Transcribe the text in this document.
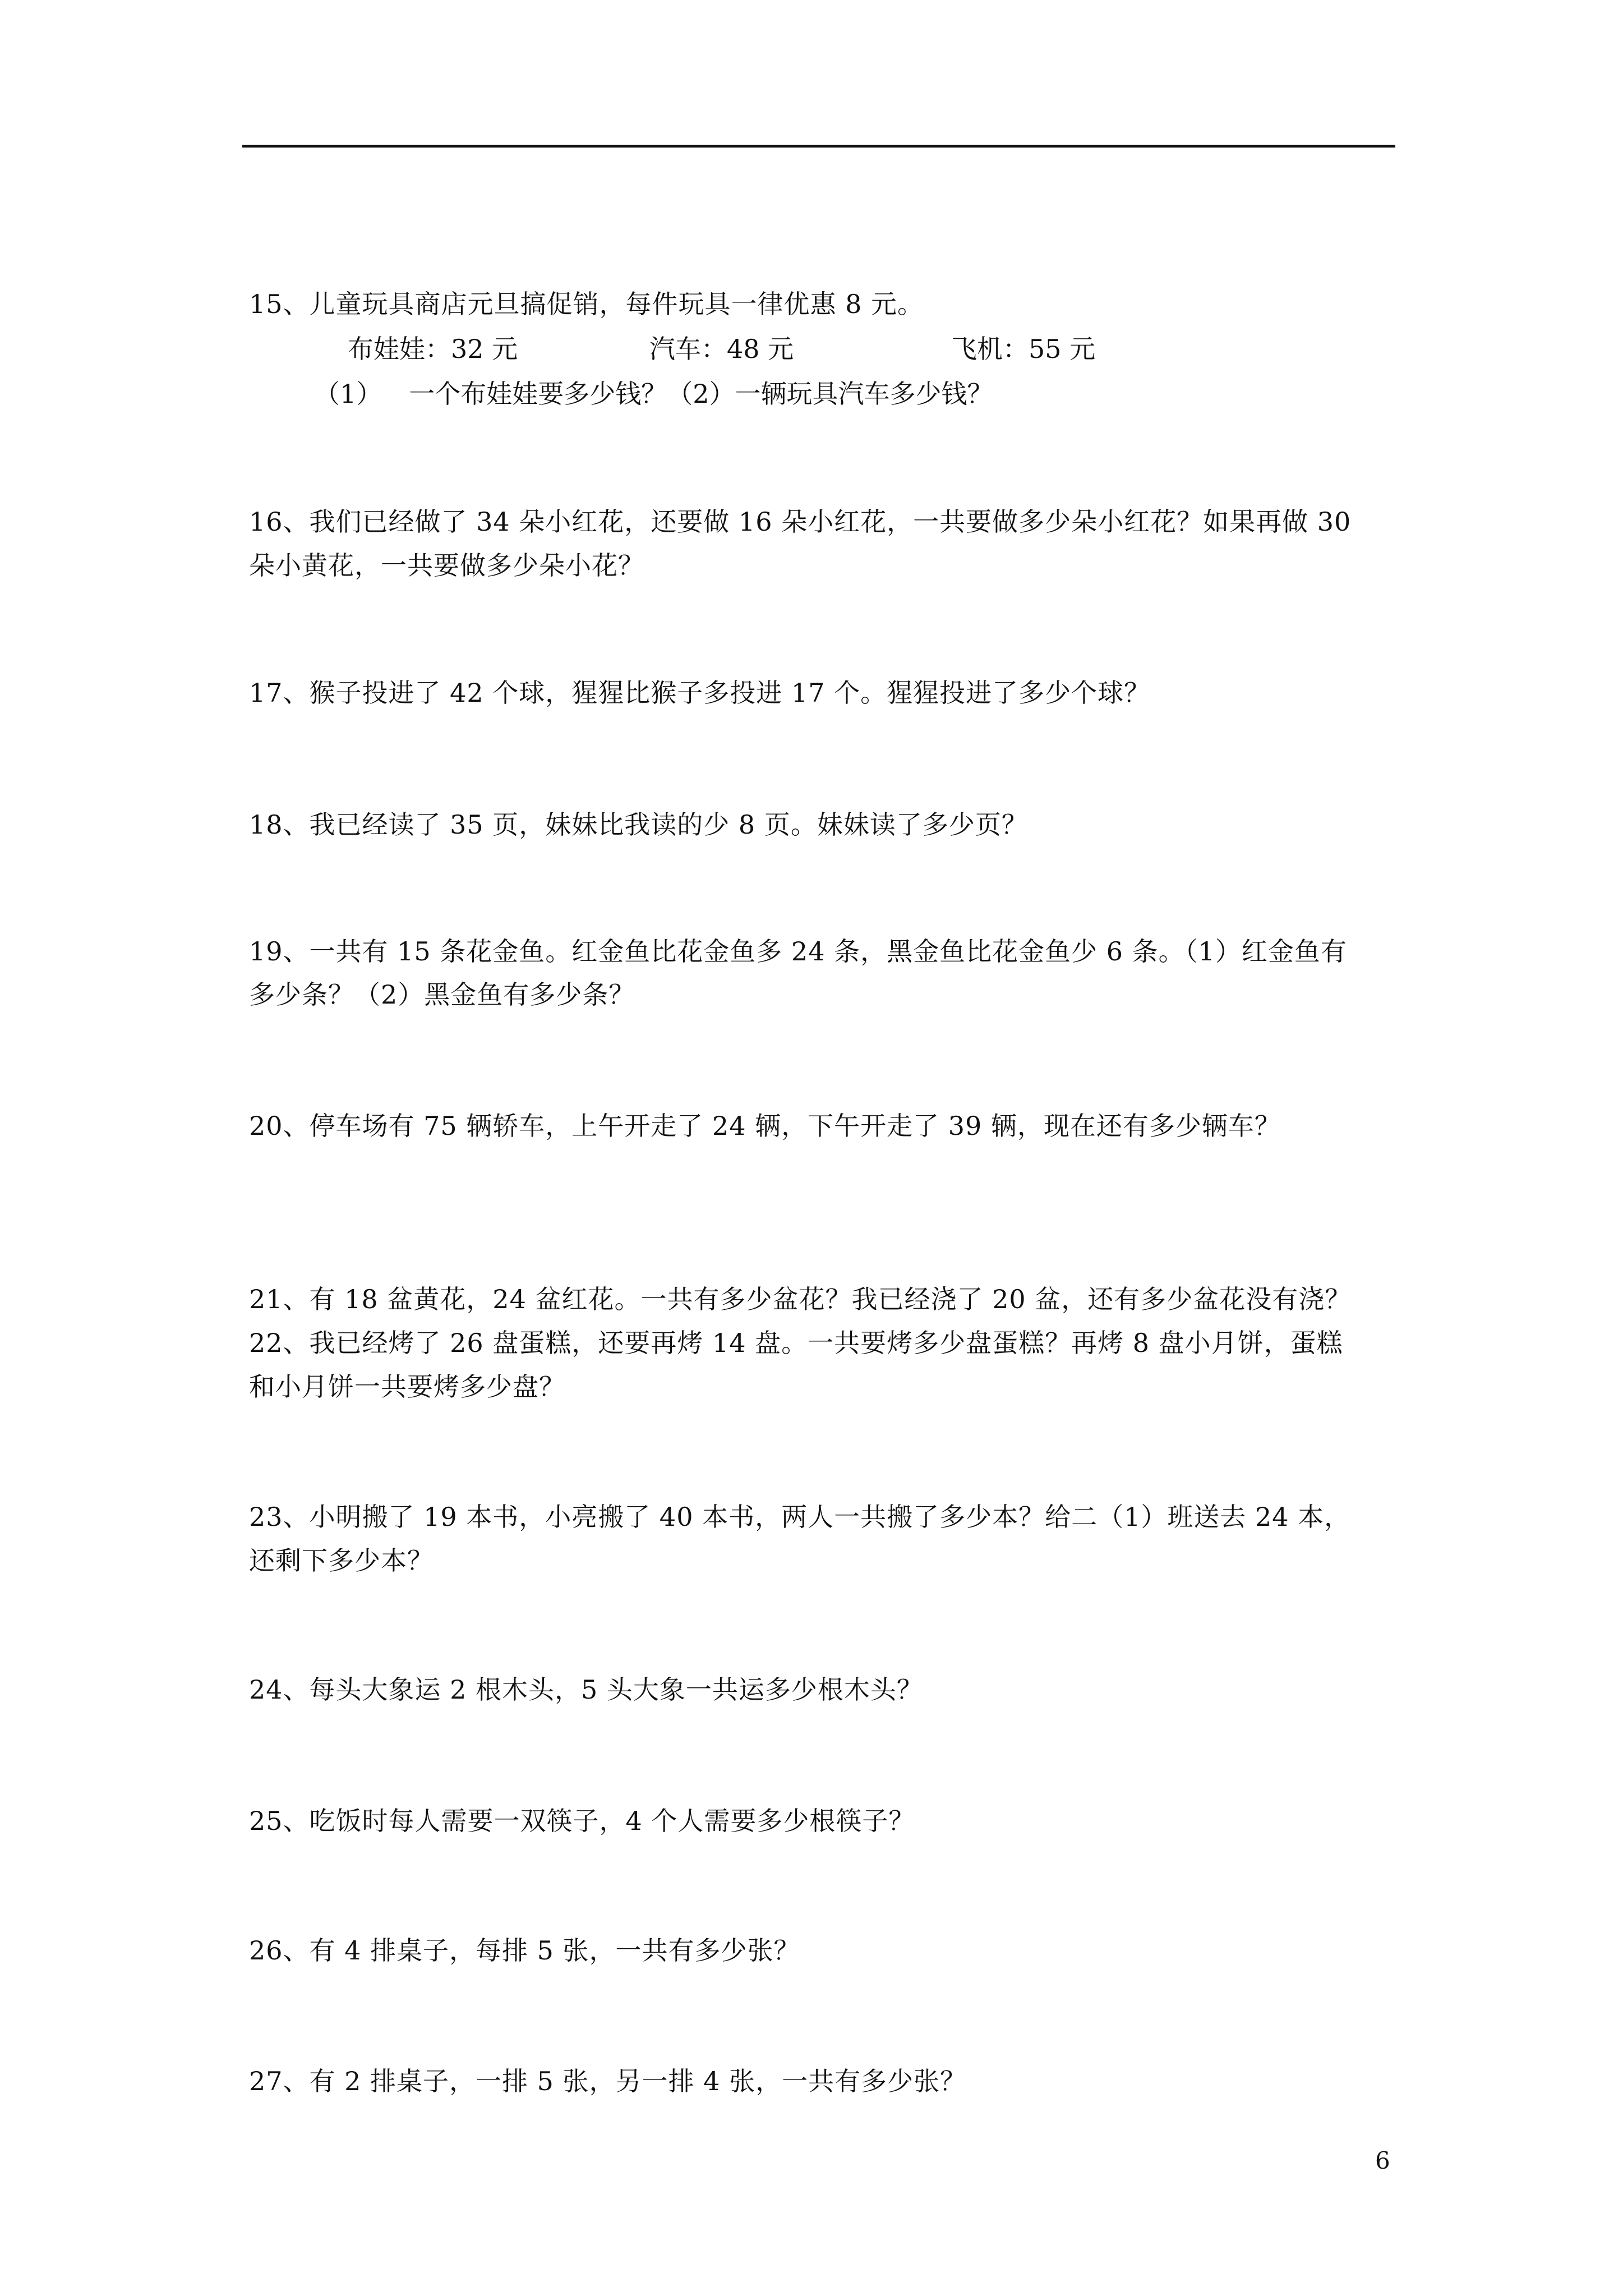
15、儿童玩具商店元旦搞促销，每件玩具一律优惠 8 元。
布娃娃：32 元	汽车：48 元	飞机：55 元
（1） 一个布娃娃要多少钱？（2）一辆玩具汽车多少钱？
16、我们已经做了 34 朵小红花，还要做 16 朵小红花，一共要做多少朵小红花？如果再做 30
朵小黄花，一共要做多少朵小花？
17、猴子投进了 42 个球，猩猩比猴子多投进 17 个。猩猩投进了多少个球？
18、我已经读了 35 页，妹妹比我读的少 8 页。妹妹读了多少页？
19、一共有 15 条花金鱼。红金鱼比花金鱼多 24 条，黑金鱼比花金鱼少 6 条。（1）红金鱼有
多少条？（2）黑金鱼有多少条？
20、停车场有 75 辆轿车，上午开走了 24 辆，下午开走了 39 辆，现在还有多少辆车？
21、有 18 盆黄花，24 盆红花。一共有多少盆花？我已经浇了 20 盆，还有多少盆花没有浇？
22、我已经烤了 26 盘蛋糕，还要再烤 14 盘。一共要烤多少盘蛋糕？再烤 8 盘小月饼，蛋糕
和小月饼一共要烤多少盘？
23、小明搬了 19 本书，小亮搬了 40 本书，两人一共搬了多少本？给二（1）班送去 24 本，
还剩下多少本？
24、每头大象运 2 根木头，5 头大象一共运多少根木头？
25、吃饭时每人需要一双筷子，4 个人需要多少根筷子？
26、有 4 排桌子，每排 5 张，一共有多少张？
27、有 2 排桌子，一排 5 张，另一排 4 张，一共有多少张？
6
